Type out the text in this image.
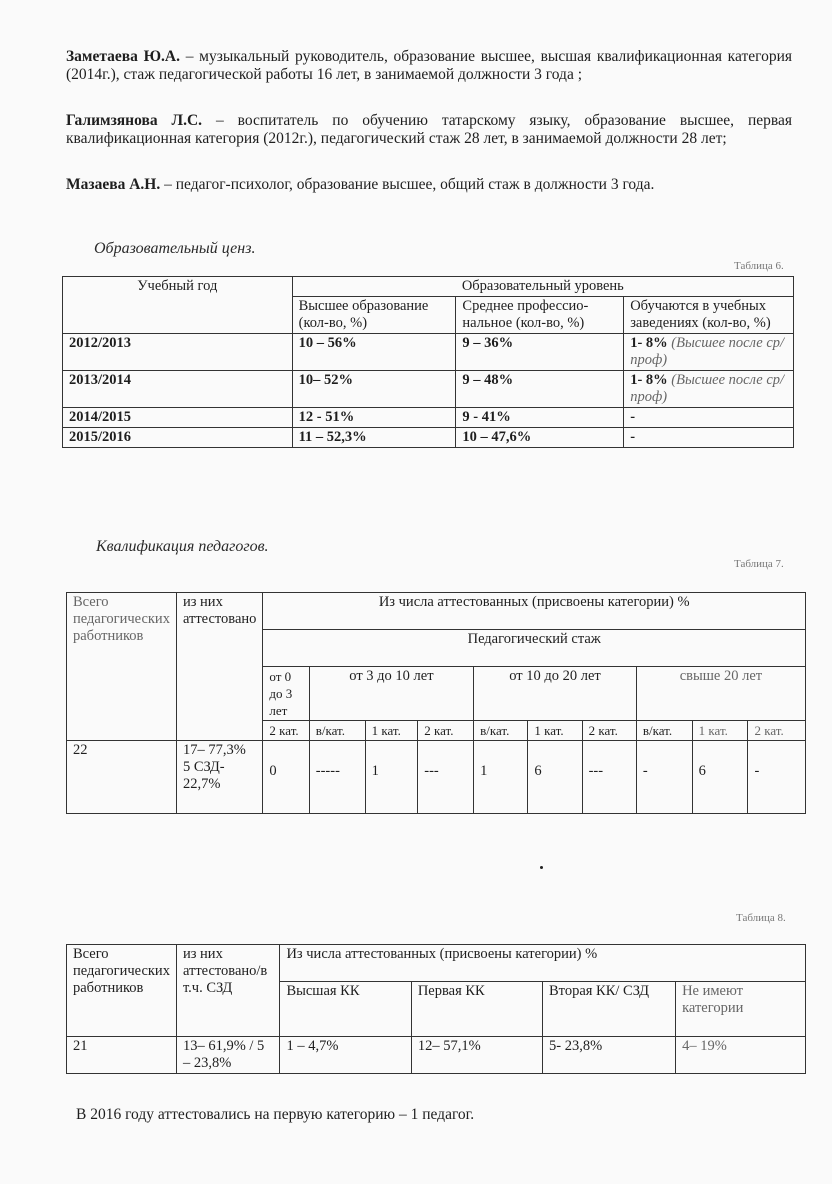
Заметаева Ю.А. – музыкальный руководитель, образование высшее, высшая квалификационная категория (2014г.), стаж педагогической работы 16 лет, в занимаемой должности 3 года ;
Галимзянова Л.С. – воспитатель по обучению татарскому языку, образование высшее, первая квалификационная категория (2012г.), педагогический стаж 28 лет, в занимаемой должности 28 лет;
Мазаева А.Н. – педагог-психолог, образование высшее, общий стаж в должности 3 года.
Образовательный ценз.
Таблица 6.
Учебный год	Образовательный уровень		
	Высшее образование (кол-во, %)	Среднее профессио-нальное (кол-во, %)	Обучаются в учебных заведениях (кол-во, %)
2012/2013	10 – 56%	9 – 36%	1- 8% (Высшее после ср/проф)
2013/2014	10– 52%	9 – 48%	1- 8% (Высшее после ср/проф)
2014/2015	12 - 51%	9 - 41%	-
2015/2016	11 – 52,3%	10 – 47,6%	-
Квалификация педагогов.
Таблица 7.
Всего педагогических работников	из них аттестовано	Из числа аттестованных (присвоены категории) %									
		Педагогический стаж									
		от 0 до 3 лет	от 3 до 10 лет			от 10 до 20 лет			свыше 20 лет		
		2 кат.	в/кат.	1 кат.	2 кат.	в/кат.	1 кат.	2 кат.	в/кат.	1 кат.	2 кат.
22	17– 77,3% 5 СЗД- 22,7%	0	-----	1	---	1	6	---	-	6	-
Таблица 8.
Всего педагогических работников	из них аттестовано/в т.ч. СЗД	Из числа аттестованных (присвоены категории) %			
		Высшая КК	Первая КК	Вторая КК/ СЗД	Не имеют категории
21	13– 61,9% / 5 – 23,8%	1 – 4,7%	12– 57,1%	5- 23,8%	4– 19%
В 2016 году аттестовались на первую категорию – 1 педагог.
